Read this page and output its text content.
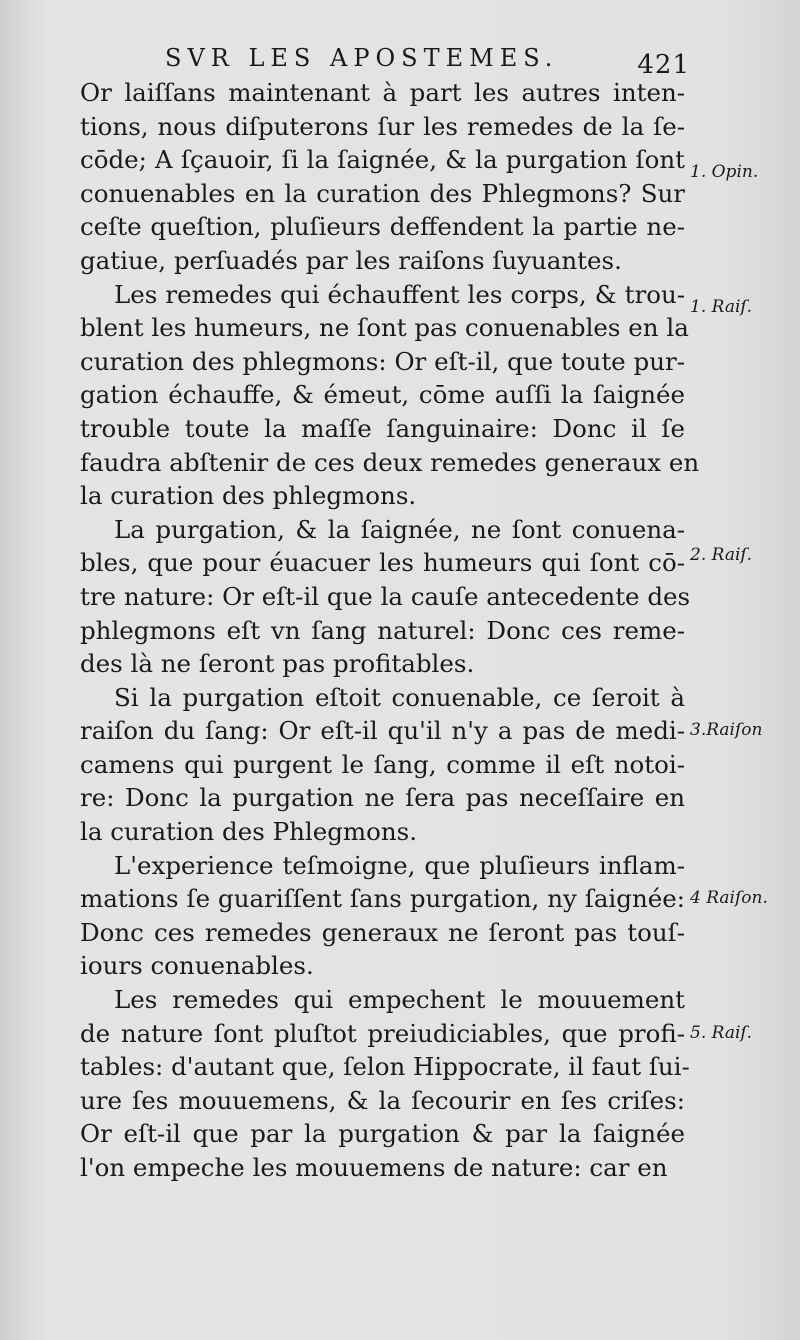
SVR LES APOSTEMES.	421
Or laiſſans maintenant à part les autres inten-
tions, nous diſputerons ſur les remedes de la ſe-
cōde; A ſçauoir, ſi la ſaignée, & la purgation ſont
conuenables en la curation des Phlegmons? Sur
ceſte queſtion, pluſieurs deffendent la partie ne-
gatiue, perſuadés par les raiſons ſuyuantes.
Les remedes qui échauffent les corps, & trou-
blent les humeurs, ne ſont pas conuenables en la
curation des phlegmons: Or eſt-il, que toute pur-
gation échauffe, & émeut, cōme auſſi la ſaignée
trouble toute la maſſe ſanguinaire: Donc il ſe
faudra abſtenir de ces deux remedes generaux en
la curation des phlegmons.
La purgation, & la ſaignée, ne ſont conuena-
bles, que pour éuacuer les humeurs qui ſont cō-
tre nature: Or eſt-il que la cauſe antecedente des
phlegmons eſt vn ſang naturel: Donc ces reme-
des là ne ſeront pas profitables.
Si la purgation eſtoit conuenable, ce ſeroit à
raiſon du ſang: Or eſt-il qu'il n'y a pas de medi-
camens qui purgent le ſang, comme il eſt notoi-
re: Donc la purgation ne ſera pas neceſſaire en
la curation des Phlegmons.
L'experience teſmoigne, que pluſieurs inflam-
mations ſe guariſſent ſans purgation, ny ſaignée:
Donc ces remedes generaux ne ſeront pas touſ-
iours conuenables.
Les remedes qui empechent le mouuement
de nature ſont pluſtot preiudiciables, que profi-
tables: d'autant que, ſelon Hippocrate, il faut ſui-
ure ſes mouuemens, & la ſecourir en ſes criſes:
Or eſt-il que par la purgation & par la ſaignée
l'on empeche les mouuemens de nature: car en
1. Opin.
1. Raiſ.
2. Raiſ.
3.Raiſon
4 Raiſon.
5. Raiſ.
